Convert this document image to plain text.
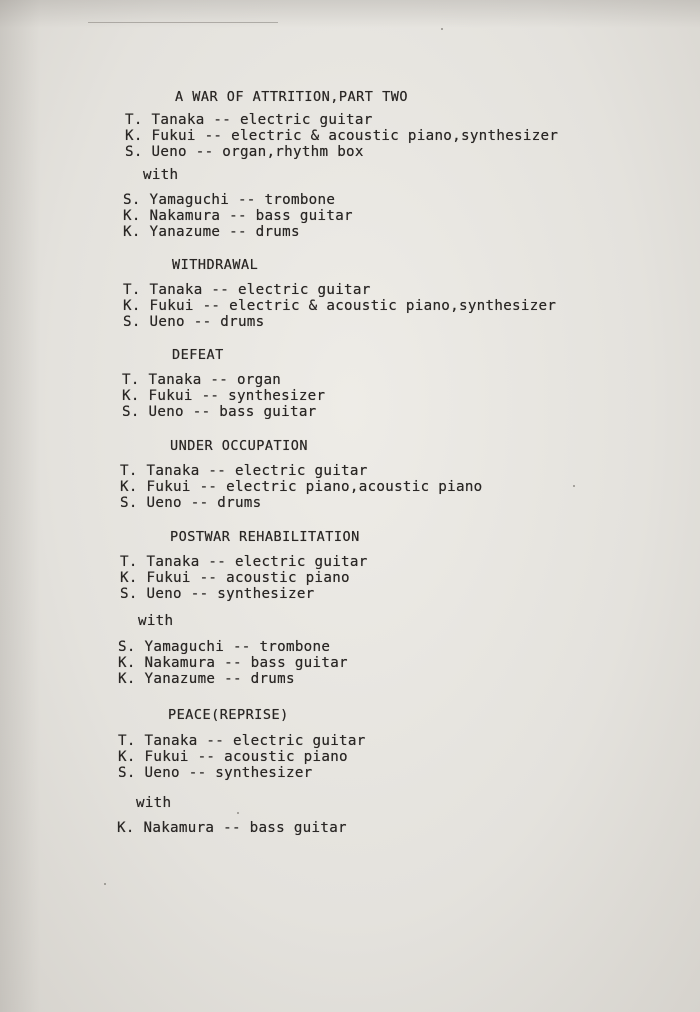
A WAR OF ATTRITION,PART TWO
T. Tanaka -- electric guitar
K. Fukui -- electric & acoustic piano,synthesizer
S. Ueno -- organ,rhythm box
with
S. Yamaguchi -- trombone
K. Nakamura -- bass guitar
K. Yanazume -- drums
WITHDRAWAL
T. Tanaka -- electric guitar
K. Fukui -- electric & acoustic piano,synthesizer
S. Ueno -- drums
DEFEAT
T. Tanaka -- organ
K. Fukui -- synthesizer
S. Ueno -- bass guitar
UNDER OCCUPATION
T. Tanaka -- electric guitar
K. Fukui -- electric piano,acoustic piano
S. Ueno -- drums
POSTWAR REHABILITATION
T. Tanaka -- electric guitar
K. Fukui -- acoustic piano
S. Ueno -- synthesizer
with
S. Yamaguchi -- trombone
K. Nakamura -- bass guitar
K. Yanazume -- drums
PEACE(REPRISE)
T. Tanaka -- electric guitar
K. Fukui -- acoustic piano
S. Ueno -- synthesizer
with
K. Nakamura -- bass guitar
